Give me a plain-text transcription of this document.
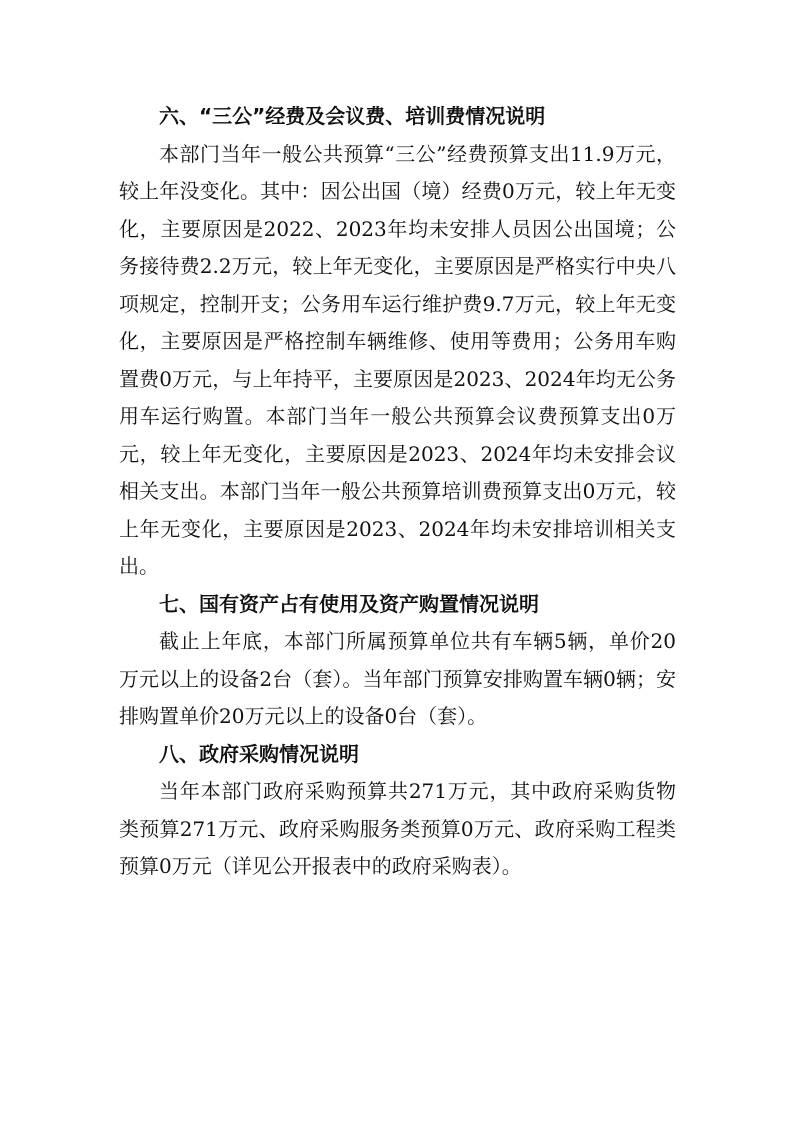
六、“三公”经费及会议费、培训费情况说明

本部门当年一般公共预算“三公”经费预算支出11.9万元，较上年没变化。其中：因公出国（境）经费0万元，较上年无变化，主要原因是2022、2023年均未安排人员因公出国境；公务接待费2.2万元，较上年无变化，主要原因是严格实行中央八项规定，控制开支；公务用车运行维护费9.7万元，较上年无变化，主要原因是严格控制车辆维修、使用等费用；公务用车购置费0万元，与上年持平，主要原因是2023、2024年均无公务用车运行购置。本部门当年一般公共预算会议费预算支出0万元，较上年无变化，主要原因是2023、2024年均未安排会议相关支出。本部门当年一般公共预算培训费预算支出0万元，较上年无变化，主要原因是2023、2024年均未安排培训相关支出。

七、国有资产占有使用及资产购置情况说明

截止上年底，本部门所属预算单位共有车辆5辆，单价20万元以上的设备2台（套）。当年部门预算安排购置车辆0辆；安排购置单价20万元以上的设备0台（套）。

八、政府采购情况说明

当年本部门政府采购预算共271万元，其中政府采购货物类预算271万元、政府采购服务类预算0万元、政府采购工程类预算0万元（详见公开报表中的政府采购表）。
